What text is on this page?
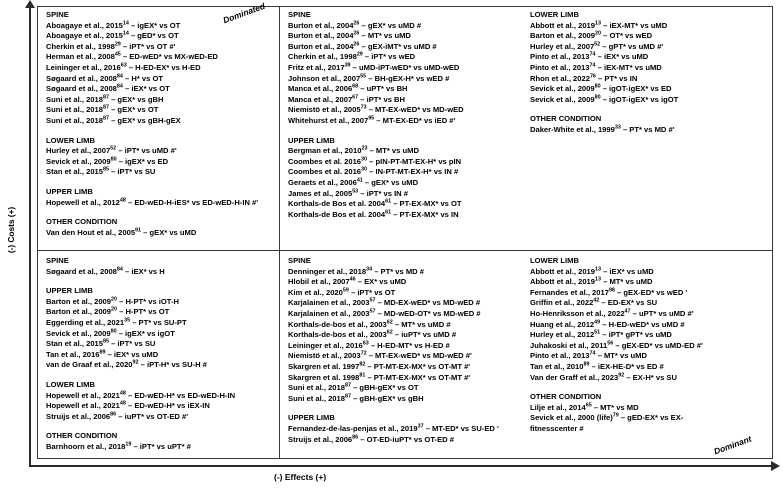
(-) Costs (+)
(-) Effects (+)
Dominated
Dominant
SPINE
Aboagaye et al., 2015$^{14}$ – igEX* vs OT
Aboagaye et al., 2015$^{14}$ – gED* vs OT
Cherkin et al., 1998$^{29}$ – iPT* vs OT #'
Herman et al., 2008$^{45}$ – ED-wED* vs MX-wED-ED
Leininger et al., 2016$^{63}$ – H-ED-EX* vs H-ED
Søgaard et al., 2008$^{84}$ – H* vs OT
Søgaard et al., 2008$^{84}$ – iEX* vs OT
Suni et al., 2018$^{87}$ – gEX* vs gBH
Suni et al., 2018$^{87}$ – gEX* vs OT
Suni et al., 2018$^{87}$ – gEX* vs gBH-gEX
LOWER LIMB
Hurley et al., 2007$^{52}$ – iPT* vs uMD #'
Sevick et al., 2009$^{80}$ – igEX* vs ED
Stan et al., 2015$^{85}$ – iPT* vs SU
UPPER LIMB
Hopewell et al., 2012$^{48}$ – ED-wED-H-iES* vs ED-wED-H-IN #'
OTHER CONDITION
Van den Hout et al., 2005$^{91}$ – gEX* vs uMD
SPINE
Burton et al., 2004$^{26}$ – gEX* vs uMD #
Burton et al., 2004$^{26}$ – MT* vs uMD
Burton et al., 2004$^{26}$ – gEX-iMT* vs uMD #
Cherkin et al., 1998$^{29}$ – iPT* vs wED
Fritz et al., 2017$^{39}$ – uMD-iPT-wED* vs uMD-wED
Johnson et al., 2007$^{55}$ – BH-gEX-H* vs wED #
Manca et al., 2006$^{68}$ – uPT* vs BH
Manca et al., 2007$^{67}$ – iPT* vs BH
Niemistö et al., 2005$^{73}$ – MT-EX-wED* vs MD-wED
Whitehurst et al., 2007$^{95}$ – MT-EX-ED* vs iED #'
UPPER LIMB
Bergman et al., 2010$^{23}$ – MT* vs uMD
Coombes et al. 2016$^{30}$ – pIN-PT-MT-EX-H* vs pIN
Coombes et al. 2016$^{30}$ – IN-PT-MT-EX-H* vs IN #
Geraets et al., 2006$^{41}$ – gEX* vs uMD
James et al., 2005$^{53}$ – iPT* vs IN #
Korthals-de Bos et al. 2004$^{61}$ – PT-EX-MX* vs OT
Korthals-de Bos et al. 2004$^{61}$ – PT-EX-MX* vs IN
LOWER LIMB
Abbott et al., 2019$^{13}$ – iEX-MT* vs uMD
Barton et al., 2009$^{20}$ – OT* vs wED
Hurley et al., 2007$^{52}$ – gPT* vs uMD #'
Pinto et al., 2013$^{74}$ – iEX* vs uMD
Pinto et al., 2013$^{74}$ – iEX-MT* vs uMD
Rhon et al., 2022$^{76}$ – PT* vs IN
Sevick et al., 2009$^{80}$ – igOT-igEX* vs ED
Sevick et al., 2009$^{80}$ – igOT-igEX* vs igOT
OTHER CONDITION
Daker-White et al., 1999$^{33}$ – PT* vs MD #'
SPINE
Søgaard et al., 2008$^{84}$ – iEX* vs H
UPPER LIMB
Barton et al., 2009$^{20}$ – H-PT* vs iOT-H
Barton et al., 2009$^{20}$ – H-PT* vs OT
Eggerding et al., 2021$^{35}$ – PT* vs SU-PT
Sevick et al., 2009$^{80}$ – igEX* vs igOT
Stan et al., 2015$^{85}$ – iPT* vs SU
Tan et al., 2016$^{89}$ – iEX* vs uMD
van de Graaf et al., 2020$^{92}$ – iPT-H* vs SU-H #
LOWER LIMB
Hopewell et al., 2021$^{48}$ – ED-wED-H* vs ED-wED-H-IN
Hopewell et al., 2021$^{48}$ – ED-wED-H* vs iEX-IN
Struijs et al., 2006$^{86}$ – iuPT* vs OT-ED #'
OTHER CONDITION
Barnhoorn et al., 2018$^{19}$ – iPT* vs uPT* #
SPINE
Denninger et al., 2018$^{34}$ – PT* vs MD #
Hlobil et al., 2007$^{46}$ – EX* vs uMD
Kim et al., 2020$^{59}$ – iPT* vs OT
Karjalainen et al., 2003$^{57}$ – MD-EX-wED* vs MD-wED #
Karjalainen et al., 2003$^{57}$ – MD-wED-OT* vs MD-wED #
Korthals-de-bos et al., 2003$^{62}$ – MT* vs uMD #
Korthals-de-bos et al., 2003$^{62}$ – iuPT* vs uMD #
Leininger et al., 2016$^{63}$ – H-ED-MT* vs H-ED #
Niemistö et al., 2003$^{72}$ – MT-EX-wED* vs MD-wED #'
Skargren et al. 1997$^{82}$ – PT-MT-EX-MX* vs OT-MT #'
Skargren et al. 1998$^{81}$ – PT-MT-EX-MX* vs OT-MT #'
Suni et al., 2018$^{87}$ – gBH-gEX* vs OT
Suni et al., 2018$^{87}$ – gBH-gEX* vs gBH
UPPER LIMB
Fernandez-de-las-penjas et al., 2019$^{37}$ – MT-ED* vs SU-ED '
Struijs et al., 2006$^{86}$ – OT-ED-iuPT* vs OT-ED #
LOWER LIMB
Abbott et al., 2019$^{13}$ – iEX* vs uMD
Abbott et al., 2019$^{13}$ – MT* vs uMD
Fernandes et al., 2017$^{98}$ – gEX-ED* vs wED '
Griffin et al., 2022$^{42}$ – ED-EX* vs SU
Ho-Henriksson et al., 2022$^{47}$ – uPT* vs uMD #'
Huang et al., 2012$^{49}$ – H-ED-wED* vs uMD #
Hurley et al., 2012$^{51}$ – iPT* gPT* vs uMD
Juhakoski et al., 2011$^{56}$ – gEX-ED* vs uMD-ED #'
Pinto et al., 2013$^{74}$ – MT* vs uMD
Tan et al., 2010$^{89}$ – iEX-HE-D* vs ED #
Van der Graff et al., 2023$^{92}$ – EX-H* vs SU
OTHER CONDITION
Lilje et al., 2014$^{65}$ – MT* vs MD
Sevick et al., 2000 (life)$^{79}$ – gED-EX* vs EX-
fitnesscenter #
